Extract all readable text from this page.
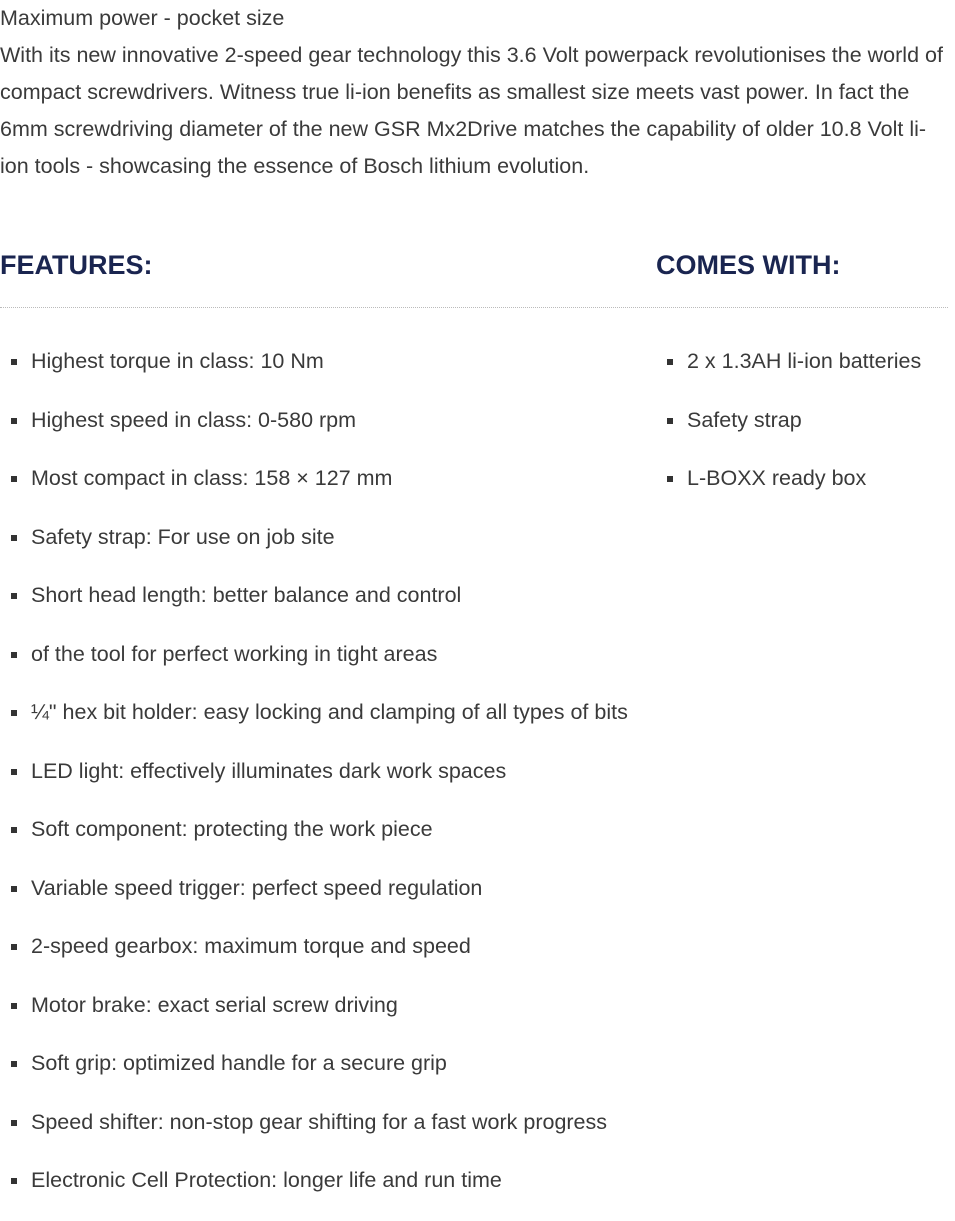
Maximum power - pocket size

With its new innovative 2-speed gear technology this 3.6 Volt powerpack revolutionises the world of compact screwdrivers. Witness true li-ion benefits as smallest size meets vast power. In fact the 6mm screwdriving diameter of the new GSR Mx2Drive matches the capability of older 10.8 Volt li-ion tools - showcasing the essence of Bosch lithium evolution.

FEATURES:	COMES WITH:
Highest torque in class: 10 Nm
Highest speed in class: 0-580 rpm
Most compact in class: 158 × 127 mm
Safety strap: For use on job site
Short head length: better balance and control
of the tool for perfect working in tight areas
¼" hex bit holder: easy locking and clamping of all types of bits
LED light: effectively illuminates dark work spaces
Soft component: protecting the work piece
Variable speed trigger: perfect speed regulation
2-speed gearbox: maximum torque and speed
Motor brake: exact serial screw driving
Soft grip: optimized handle for a secure grip
Speed shifter: non-stop gear shifting for a fast work progress
Electronic Cell Protection: longer life and run time
2 x 1.3AH li-ion batteries
Safety strap
L-BOXX ready box
